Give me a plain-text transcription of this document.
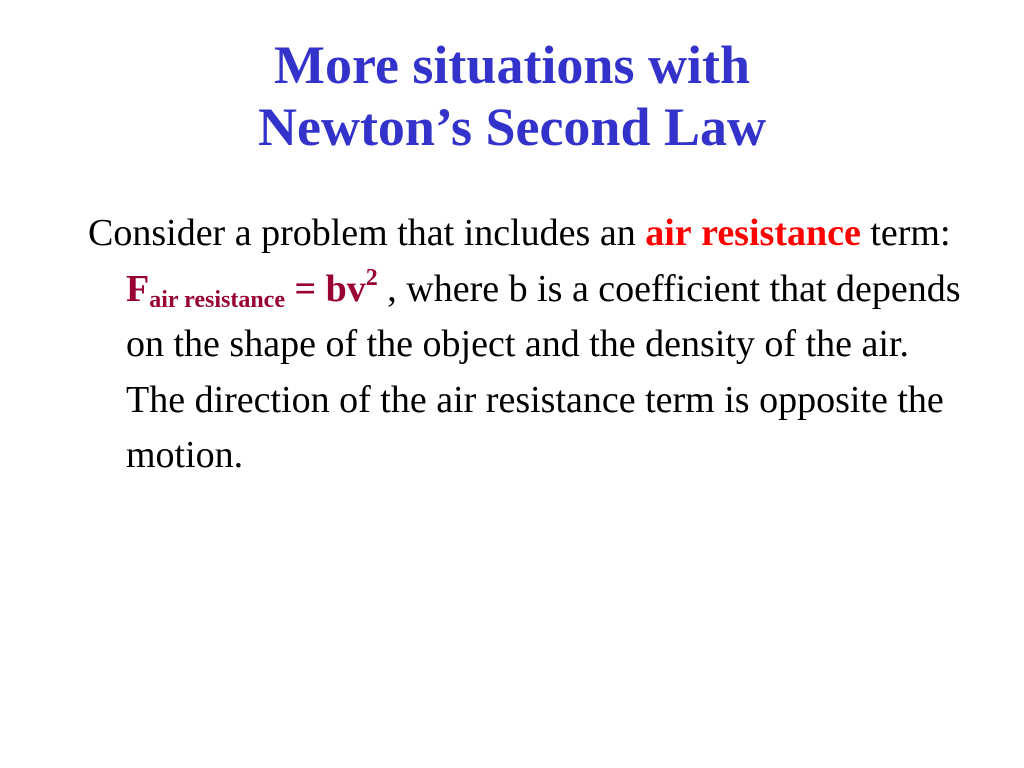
More situations with
Newton’s Second Law
Consider a problem that includes an air resistance term: $F_{air resistance} = bv^2$ , where b is a coefficient that depends on the shape of the object and the density of the air. The direction of the air resistance term is opposite the motion.
